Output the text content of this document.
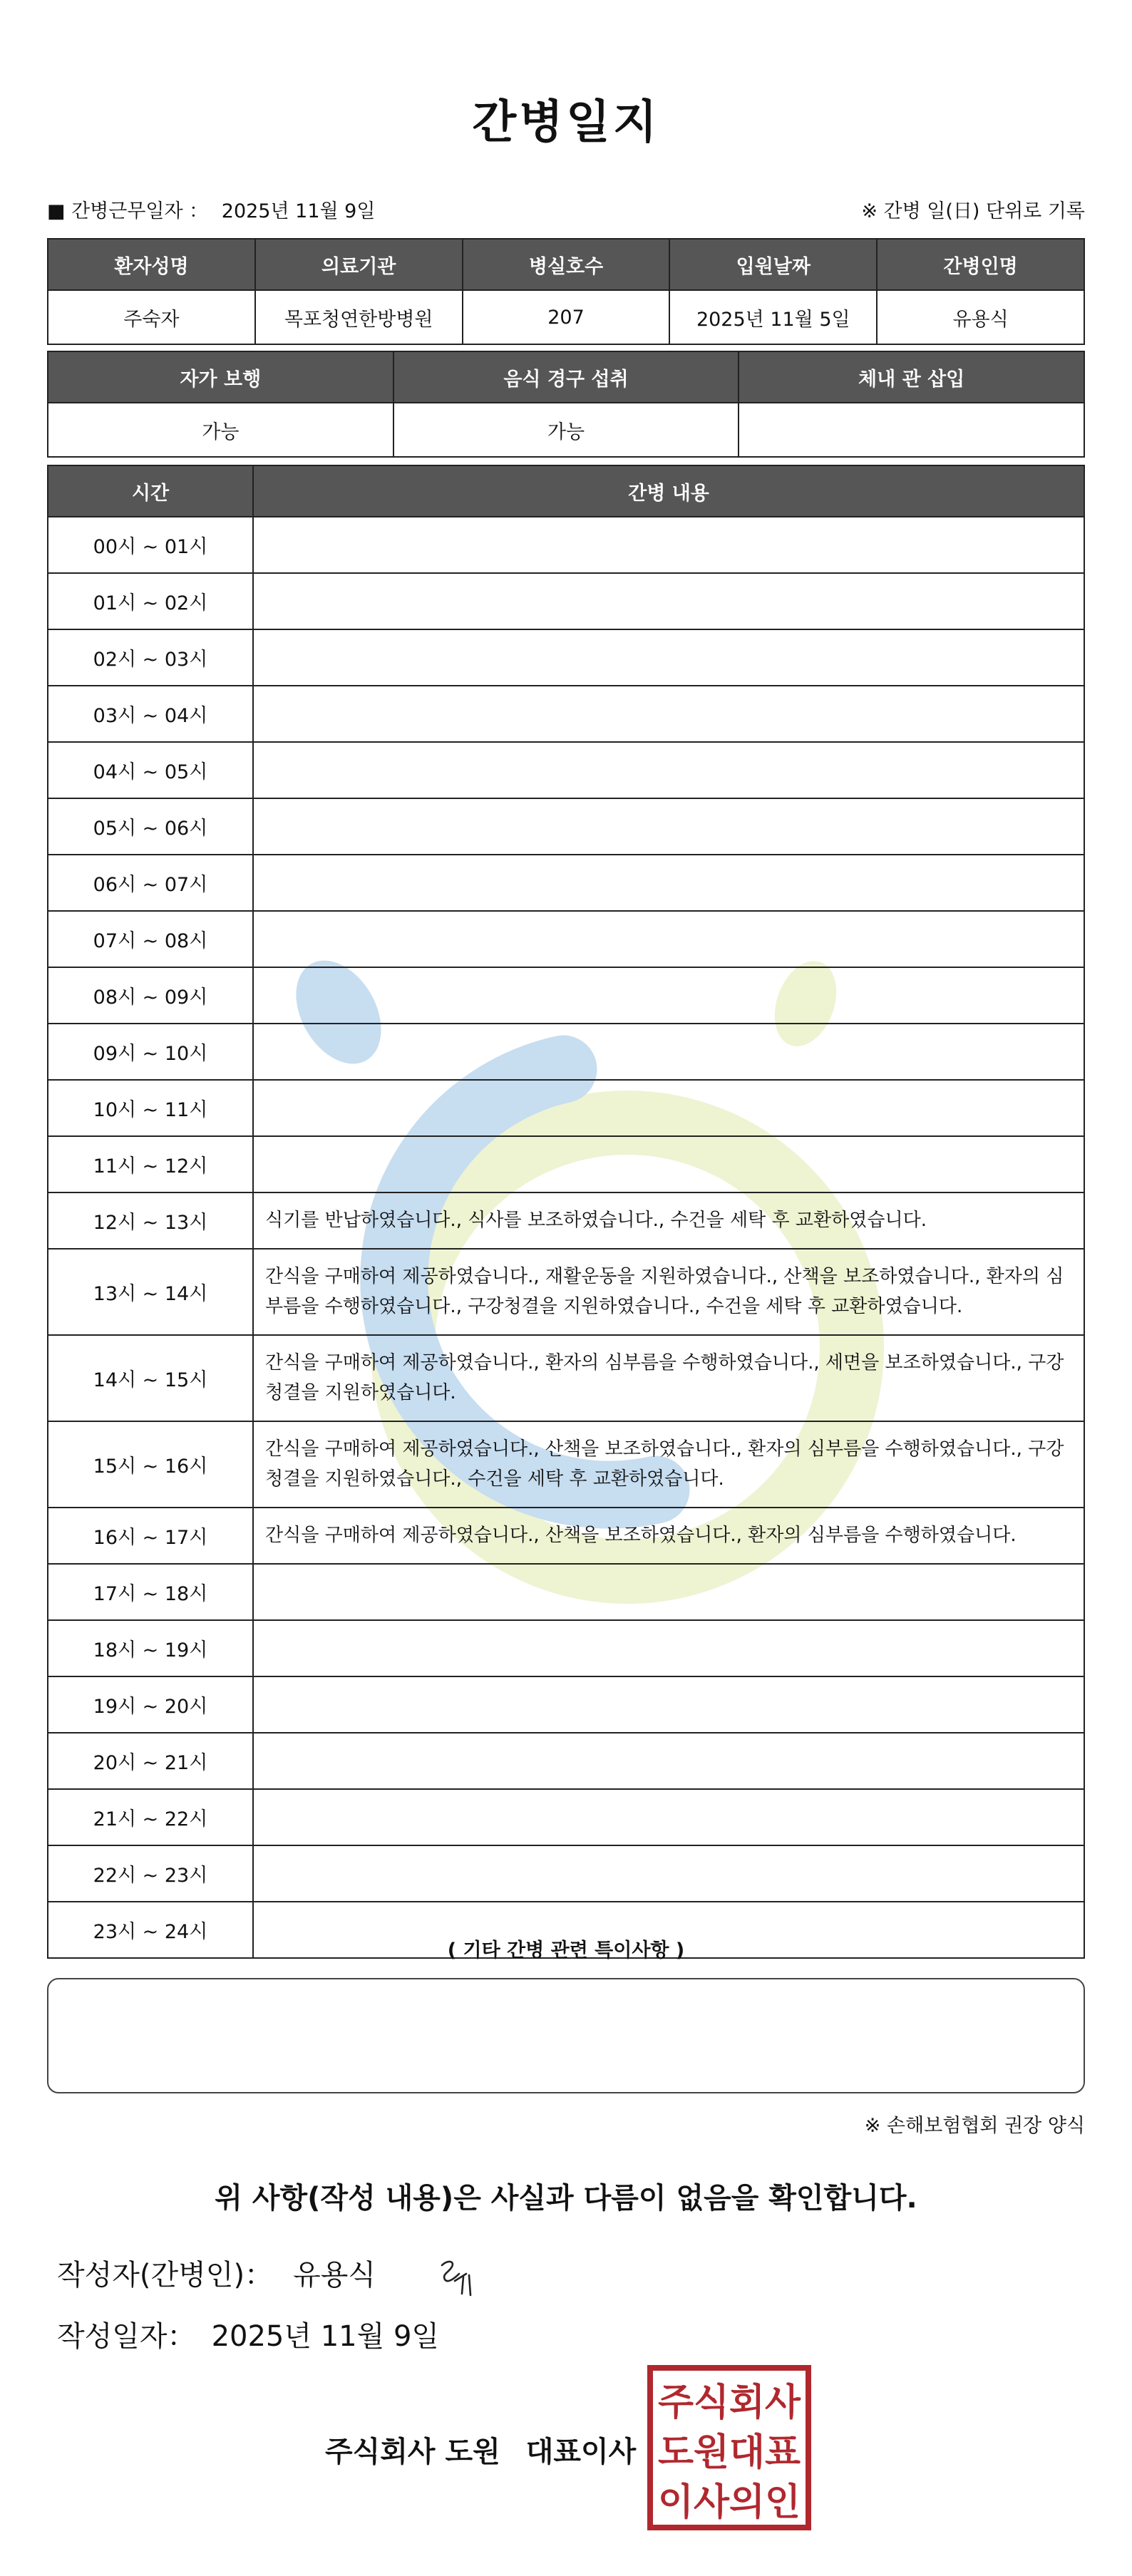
간병일지
■ 간병근무일자 ： 2025년 11월 9일	※ 간병 일(日) 단위로 기록
환자성명	의료기관	병실호수	입원날짜	간병인명
주숙자	목포청연한방병원	207	2025년 11월 5일	유용식
자가 보행	음식 경구 섭취	체내 관 삽입
가능	가능	
시간	간병 내용
00시 ~ 01시	
01시 ~ 02시	
02시 ~ 03시	
03시 ~ 04시	
04시 ~ 05시	
05시 ~ 06시	
06시 ~ 07시	
07시 ~ 08시	
08시 ~ 09시	
09시 ~ 10시	
10시 ~ 11시	
11시 ~ 12시	
12시 ~ 13시	식기를 반납하였습니다., 식사를 보조하였습니다., 수건을 세탁 후 교환하였습니다.
13시 ~ 14시	간식을 구매하여 제공하였습니다., 재활운동을 지원하였습니다., 산책을 보조하였습니다., 환자의 심부름을 수행하였습니다., 구강청결을 지원하였습니다., 수건을 세탁 후 교환하였습니다.
14시 ~ 15시	간식을 구매하여 제공하였습니다., 환자의 심부름을 수행하였습니다., 세면을 보조하였습니다., 구강청결을 지원하였습니다.
15시 ~ 16시	간식을 구매하여 제공하였습니다., 산책을 보조하였습니다., 환자의 심부름을 수행하였습니다., 구강청결을 지원하였습니다., 수건을 세탁 후 교환하였습니다.
16시 ~ 17시	간식을 구매하여 제공하였습니다., 산책을 보조하였습니다., 환자의 심부름을 수행하였습니다.
17시 ~ 18시	
18시 ~ 19시	
19시 ~ 20시	
20시 ~ 21시	
21시 ~ 22시	
22시 ~ 23시	
23시 ~ 24시	
( 기타 간병 관련 특이사항 )
※ 손해보험협회 권장 양식
위 사항(작성 내용)은 사실과 다름이 없음을 확인합니다.
작성자(간병인)： 유용식
작성일자： 2025년 11월 9일
주식회사 도원 대표이사
주식회사
도원대표
이사의인
